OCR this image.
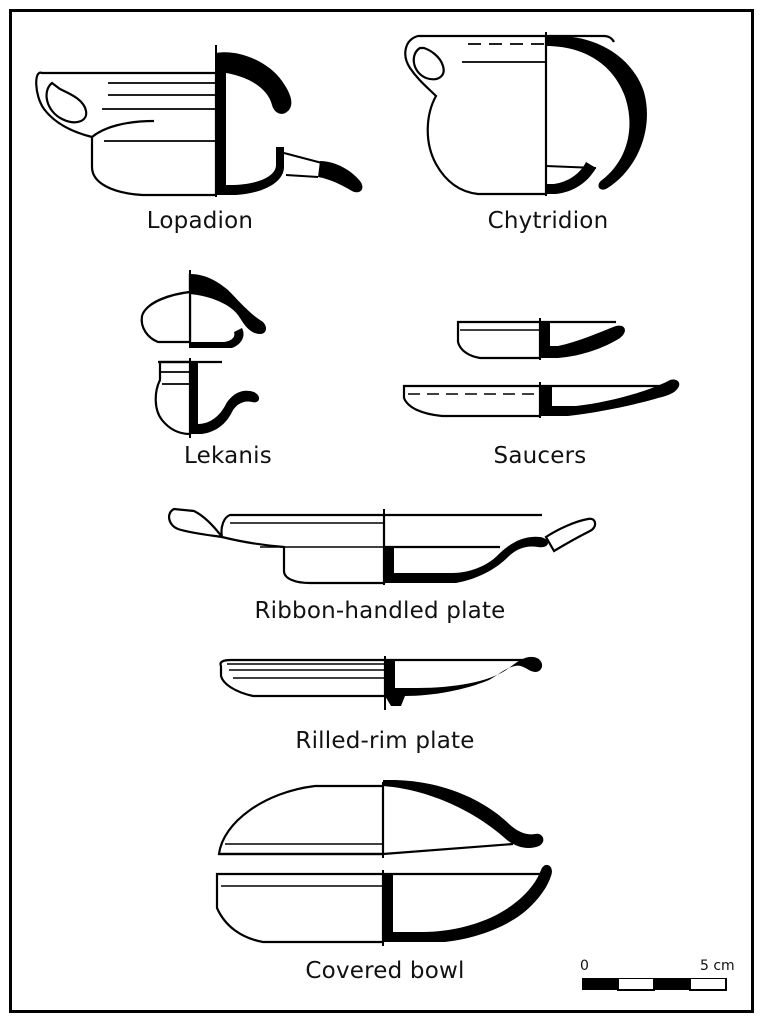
Lopadion	Chytridion
Lekanis	Saucers
Ribbon-handled plate
Rilled-rim plate
Covered bowl	0	5 cm
